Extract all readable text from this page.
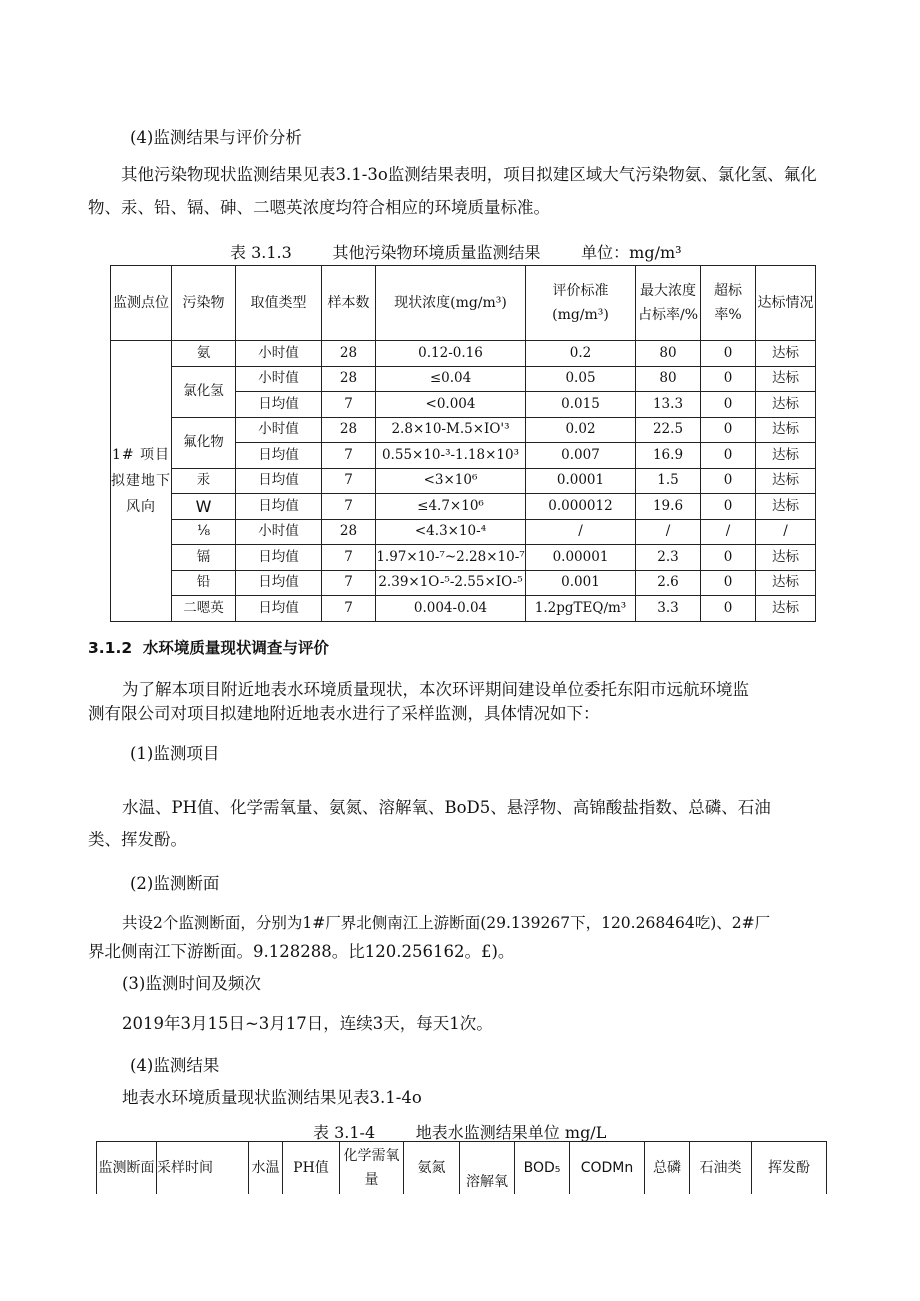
(4)监测结果与评价分析

其他污染物现状监测结果见表3.1-3o监测结果表明，项目拟建区域大气污染物氨、氯化氢、氟化物、汞、铅、镉、砷、二嗯英浓度均符合相应的环境质量标准。

表 3.1.3        其他污染物环境质量监测结果        单位：mg∕m³
监测点位	污染物	取值类型	样本数	现状浓度(mg∕m³)	评价标准(mg∕m³)	最大浓度占标率∕%	超标率%	达标情况
1# 项目拟建地下风向	氨	小时值	28	0.12-0.16	0.2	80	0	达标
	氯化氢	小时值	28	≤0.04	0.05	80	0	达标
		日均值	7	<0.004	0.015	13.3	0	达标
	氟化物	小时值	28	2.8×10-M.5×IO'³	0.02	22.5	0	达标
		日均值	7	0.55×10-³-1.18×10³	0.007	16.9	0	达标
	汞	日均值	7	<3×10⁶	0.0001	1.5	0	达标
	W	日均值	7	≤4.7×10⁶	0.000012	19.6	0	达标
	⅛	小时值	28	<4.3×10-⁴	/	/	/	/
	镉	日均值	7	1.97×10-⁷~2.28×10-⁷	0.00001	2.3	0	达标
	铅	日均值	7	2.39×1O-⁵-2.55×IO-⁵	0.001	2.6	0	达标
	二嗯英	日均值	7	0.004-0.04	1.2pgTEQ∕m³	3.3	0	达标
3.1.2  水环境质量现状调查与评价
为了解本项目附近地表水环境质量现状，本次环评期间建设单位委托东阳市远航环境监
测有限公司对项目拟建地附近地表水进行了采样监测，具体情况如下：
(1)监测项目
水温、PH值、化学需氧量、氨氮、溶解氧、BoD5、悬浮物、高锦酸盐指数、总磷、石油
类、挥发酚。
(2)监测断面
共设2个监测断面，分别为1#厂界北侧南江上游断面(29.139267下，120.268464吃)、2#厂
界北侧南江下游断面。9.128288。比120.256162。£)。
(3)监测时间及频次
2019年3月15日~3月17日，连续3天，每天1次。
(4)监测结果
地表水环境质量现状监测结果见表3.1-4o
表 3.1-4        地表水监测结果单位 mg/L
监测断面	采样时间	水温	PH值	化学需氧量	氨氮	溶解氧	BOD₅	CODMn	总磷	石油类	挥发酚
